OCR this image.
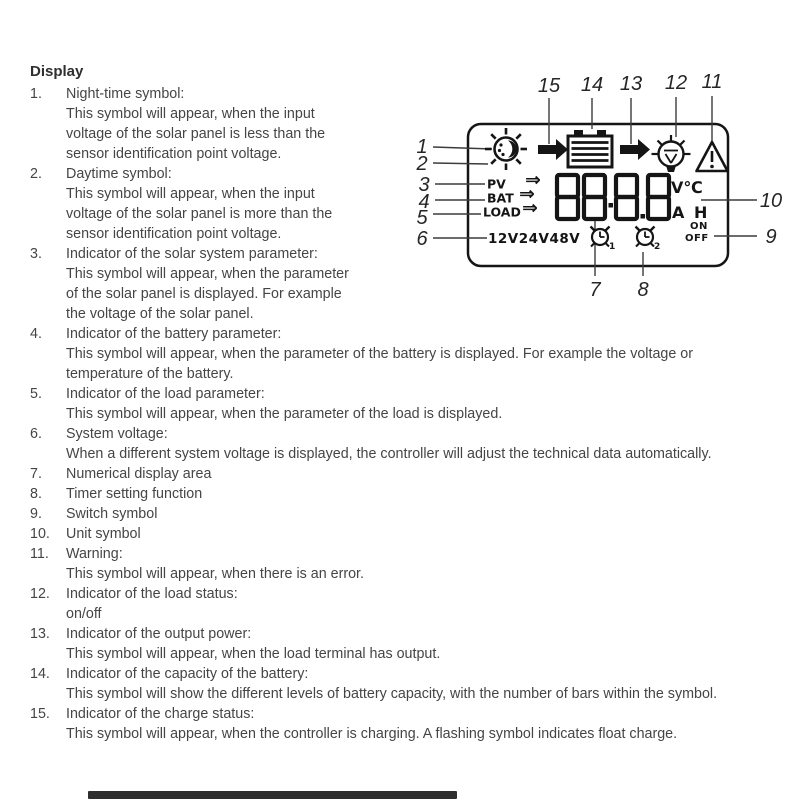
Display
1.	Night-time symbol:
This symbol will appear, when the input
voltage of the solar panel is less than the
sensor identification point voltage.
2.	Daytime symbol:
This symbol will appear, when the input
voltage of the solar panel is more than the
sensor identification point voltage.
3.	Indicator of the solar system parameter:
This symbol will appear, when the parameter
of the solar panel is displayed. For example
the voltage of the solar panel.
4.	Indicator of the battery parameter:
This symbol will appear, when the parameter of the battery is displayed. For example the voltage or
temperature of the battery.
5.	Indicator of the load parameter:
This symbol will appear, when the parameter of the load is displayed.
6.	System voltage:
When a different system voltage is displayed, the controller will adjust the technical data automatically.
7.	Numerical display area
8.	Timer setting function
9.	Switch symbol
10.	Unit symbol
11.	Warning:
This symbol will appear, when there is an error.
12.	Indicator of the load status:
on/off
13.	Indicator of the output power:
This symbol will appear, when the load terminal has output.
14.	Indicator of the capacity of the battery:
This symbol will show the different levels of battery capacity, with the number of bars within the symbol.
15.	Indicator of the charge status:
This symbol will appear, when the controller is charging. A flashing symbol indicates float charge.
15 14 13 12 11
1
2
3
4
5
6
10
9
7 8
PV
BAT
LOAD
⇒
⇒
⇒
V℃
A H
12V24V48V	1	2
ON
OFF
